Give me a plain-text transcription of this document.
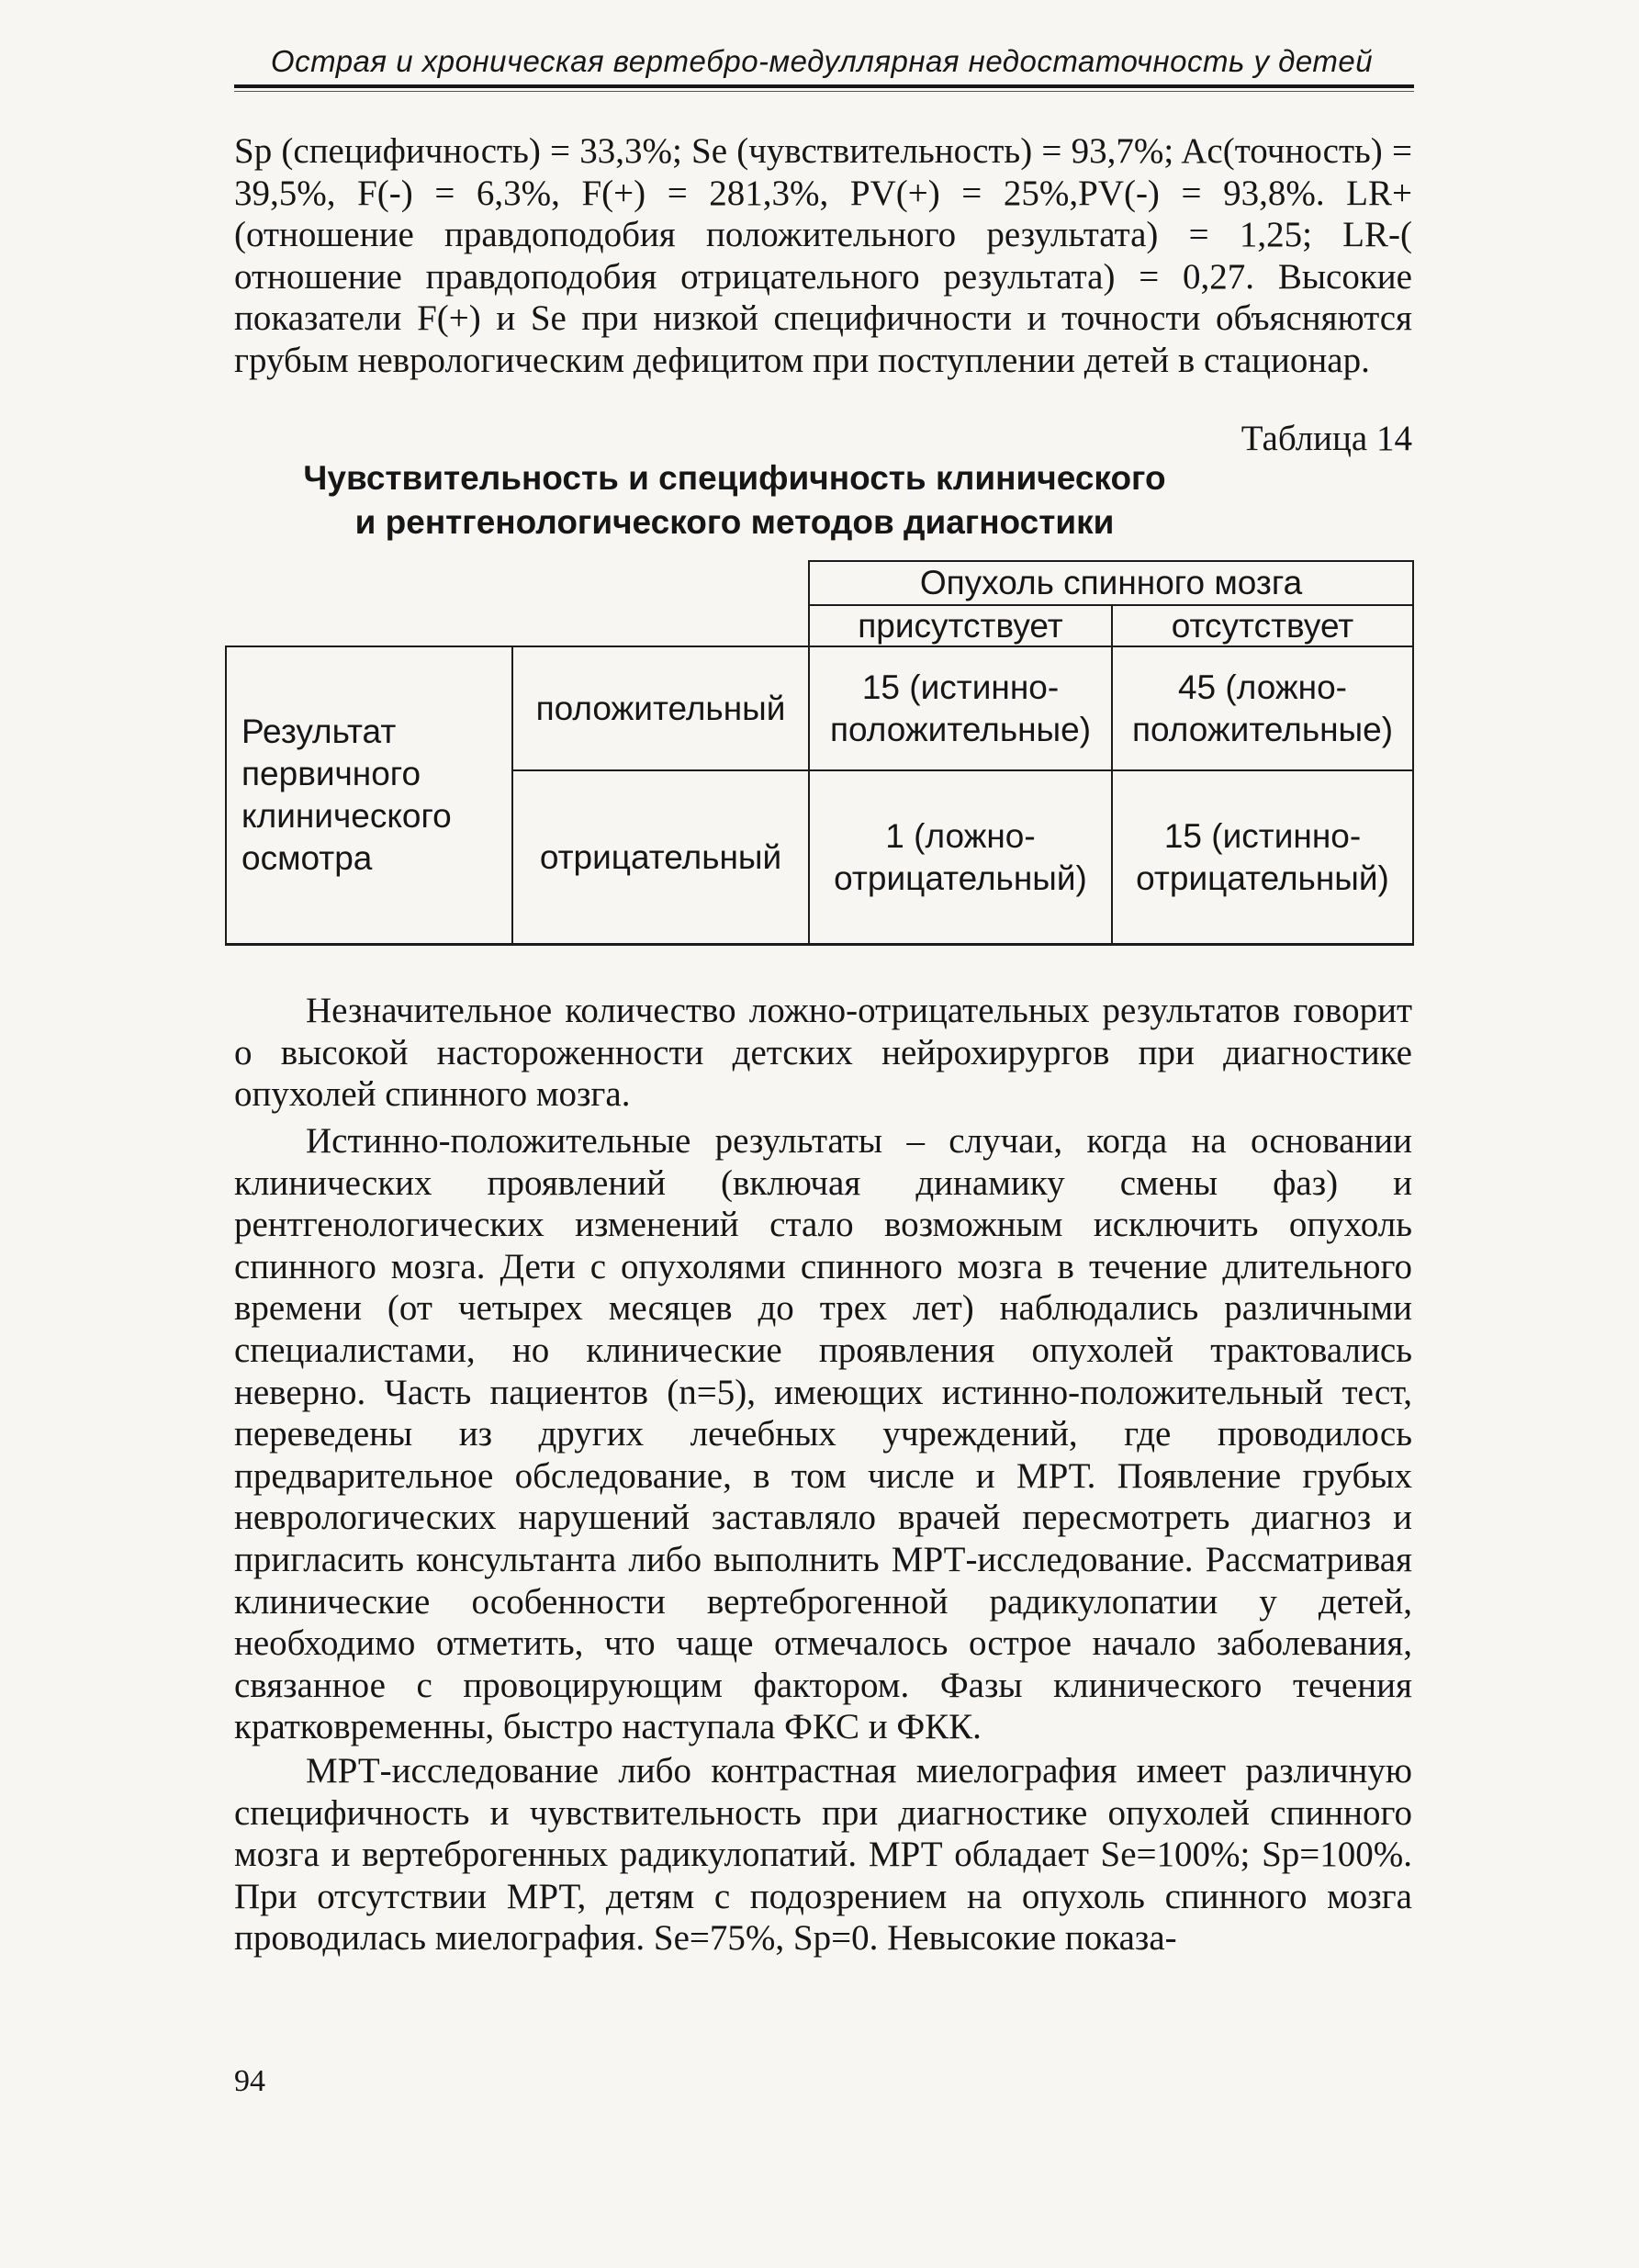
Острая и хроническая вертебро-медуллярная недостаточность у детей

Sp (специфичность) = 33,3%; Se (чувствительность) = 93,7%; Ac(точность) = 39,5%, F(-) = 6,3%, F(+) = 281,3%, PV(+) = 25%,PV(-) = 93,8%. LR+ (отношение правдоподобия положительного результата) = 1,25; LR-( отношение правдоподобия отрицательного результата) = 0,27. Высокие показатели F(+) и Se при низкой специфичности и точности объясняются грубым неврологическим дефицитом при поступлении детей в стационар.

Таблица 14
Чувствительность и специфичность клинического
и рентгенологического методов диагностики
Опухоль спинного мозга
присутствует	отсутствует
Результат первичного клинического осмотра
положительный
отрицательный
15 (истинно-положительные)
45 (ложно-положительные)
1 (ложно-отрицательный)
15 (истинно-отрицательный)

Незначительное количество ложно-отрицательных результатов говорит о высокой настороженности детских нейрохирургов при диагностике опухолей спинного мозга.

Истинно-положительные результаты – случаи, когда на основании клинических проявлений (включая динамику смены фаз) и рентгенологических изменений стало возможным исключить опухоль спинного мозга. Дети с опухолями спинного мозга в течение длительного времени (от четырех месяцев до трех лет) наблюдались различными специалистами, но клинические проявления опухолей трактовались неверно. Часть пациентов (n=5), имеющих истинно-положительный тест, переведены из других лечебных учреждений, где проводилось предварительное обследование, в том числе и МРТ. Появление грубых неврологических нарушений заставляло врачей пересмотреть диагноз и пригласить консультанта либо выполнить МРТ-исследование. Рассматривая клинические особенности вертеброгенной радикулопатии у детей, необходимо отметить, что чаще отмечалось острое начало заболевания, связанное с провоцирующим фактором. Фазы клинического течения кратковременны, быстро наступала ФКС и ФКК.

МРТ-исследование либо контрастная миелография имеет различную специфичность и чувствительность при диагностике опухолей спинного мозга и вертеброгенных радикулопатий. МРТ обладает Se=100%; Sp=100%. При отсутствии МРТ, детям с подозрением на опухоль спинного мозга проводилась миелография. Se=75%, Sp=0. Невысокие показа-

94
